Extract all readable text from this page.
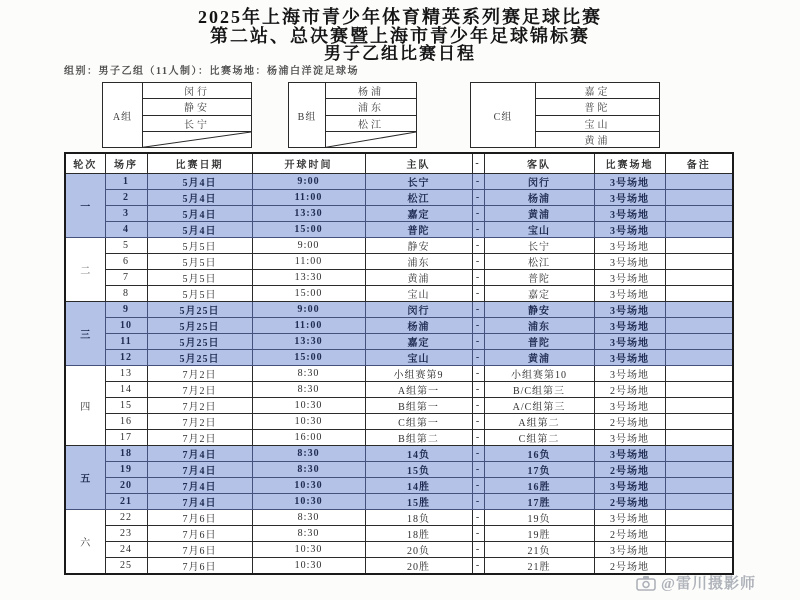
2025年上海市青少年体育精英系列赛足球比赛
第二站、总决赛暨上海市青少年足球锦标赛
男子乙组比赛日程
组别：男子乙组（11人制）：比赛场地：杨浦白洋淀足球场
A组
闵行
静安
长宁
B组
杨浦
浦东
松江
C组
嘉定
普陀
宝山
黄浦
轮次	场序	比赛日期	开球时间	主队	-	客队	比赛场地	备注
一	1	5月4日	9:00	长宁	-	闵行	3号场地	
	2	5月4日	11:00	松江	-	杨浦	3号场地	
	3	5月4日	13:30	嘉定	-	黄浦	3号场地	
	4	5月4日	15:00	普陀	-	宝山	3号场地	
二	5	5月5日	9:00	静安	-	长宁	3号场地	
	6	5月5日	11:00	浦东	-	松江	3号场地	
	7	5月5日	13:30	黄浦	-	普陀	3号场地	
	8	5月5日	15:00	宝山	-	嘉定	3号场地	
三	9	5月25日	9:00	闵行	-	静安	3号场地	
	10	5月25日	11:00	杨浦	-	浦东	3号场地	
	11	5月25日	13:30	嘉定	-	普陀	3号场地	
	12	5月25日	15:00	宝山	-	黄浦	3号场地	
四	13	7月2日	8:30	小组赛第9	-	小组赛第10	3号场地	
	14	7月2日	8:30	A组第一	-	B/C组第三	2号场地	
	15	7月2日	10:30	B组第一	-	A/C组第三	3号场地	
	16	7月2日	10:30	C组第一	-	A组第二	2号场地	
	17	7月2日	16:00	B组第二	-	C组第二	3号场地	
五	18	7月4日	8:30	14负	-	16负	3号场地	
	19	7月4日	8:30	15负	-	17负	2号场地	
	20	7月4日	10:30	14胜	-	16胜	3号场地	
	21	7月4日	10:30	15胜	-	17胜	2号场地	
六	22	7月6日	8:30	18负	-	19负	3号场地	
	23	7月6日	8:30	18胜	-	19胜	2号场地	
	24	7月6日	10:30	20负	-	21负	3号场地	
	25	7月6日	10:30	20胜	-	21胜	2号场地	
@雷川摄影师
